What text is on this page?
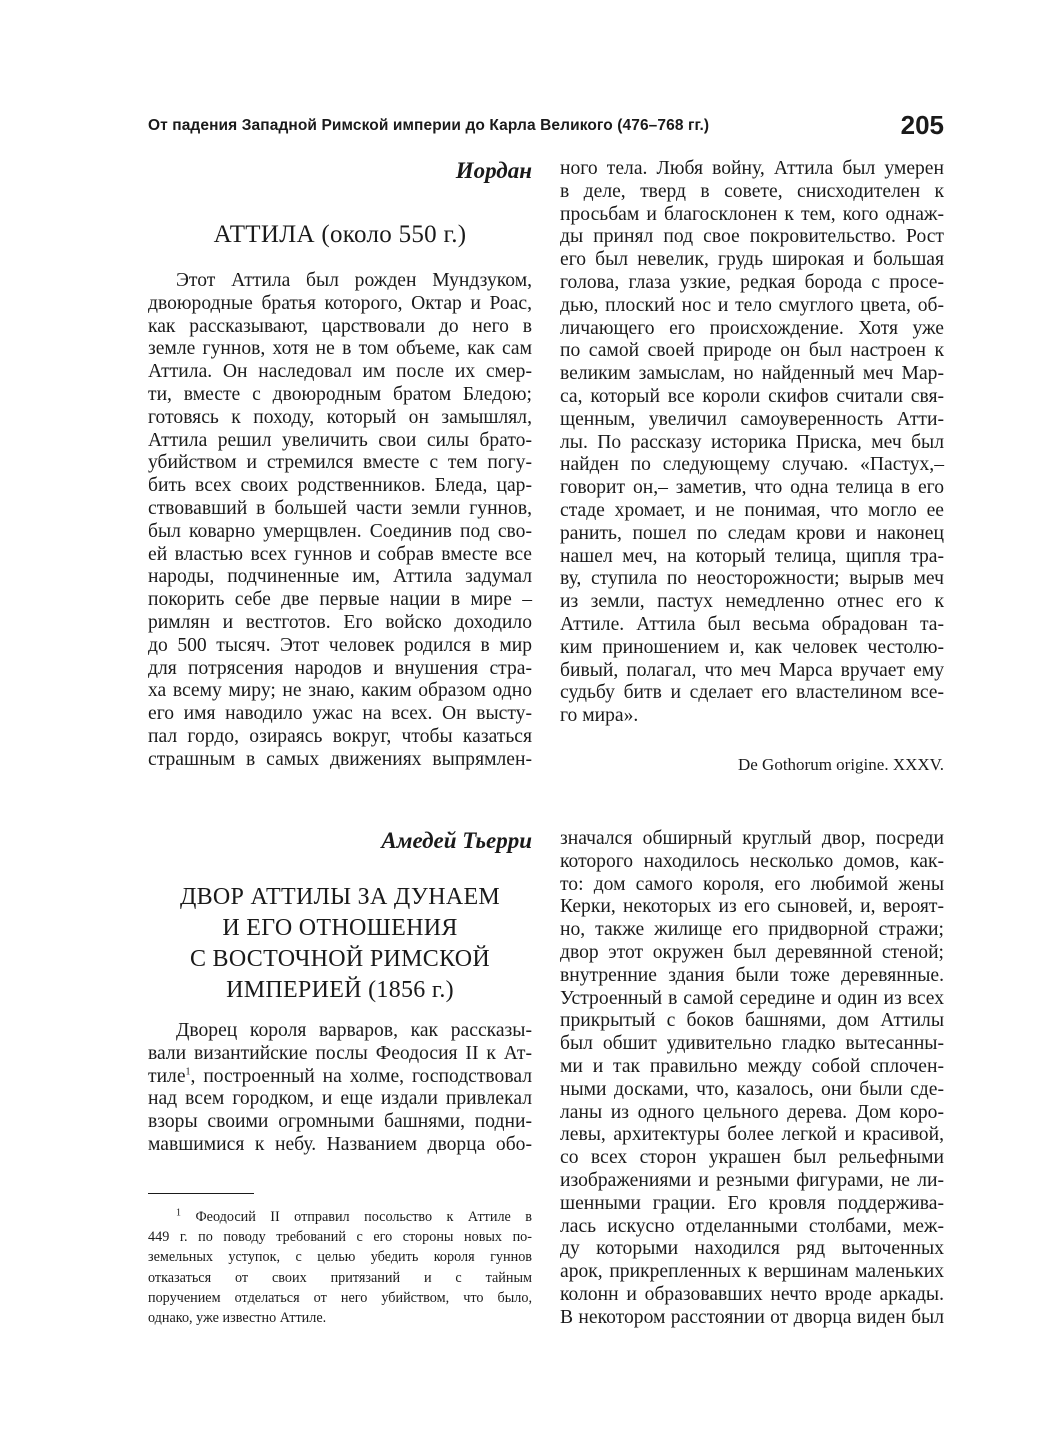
От падения Западной Римской империи до Карла Великого (476–768 гг.)	205
Иордан
АТТИЛА (около 550 г.)

Этот Аттила был рожден Мундзуком,
двоюродные братья которого, Октар и Роас,
как рассказывают, царствовали до него в
земле гуннов, хотя не в том объеме, как сам
Аттила. Он наследовал им после их смер-
ти, вместе с двоюродным братом Бледою;
готовясь к походу, который он замышлял,
Аттила решил увеличить свои силы брато-
убийством и стремился вместе с тем погу-
бить всех своих родственников. Бледа, цар-
ствовавший в большей части земли гуннов,
был коварно умерщвлен. Соединив под сво-
ей властью всех гуннов и собрав вместе все
народы, подчиненные им, Аттила задумал
покорить себе две первые нации в мире –
римлян и вестготов. Его войско доходило
до 500 тысяч. Этот человек родился в мир
для потрясения народов и внушения стра-
ха всему миру; не знаю, каким образом одно
его имя наводило ужас на всех. Он высту-
пал гордо, озираясь вокруг, чтобы казаться
страшным в самых движениях выпрямлен-

ного тела. Любя войну, Аттила был умерен
в деле, тверд в совете, снисходителен к
просьбам и благосклонен к тем, кого однаж-
ды принял под свое покровительство. Рост
его был невелик, грудь широкая и большая
голова, глаза узкие, редкая борода с просе-
дью, плоский нос и тело смуглого цвета, об-
личающего его происхождение. Хотя уже
по самой своей природе он был настроен к
великим замыслам, но найденный меч Мар-
са, который все короли скифов считали свя-
щенным, увеличил самоуверенность Атти-
лы. По рассказу историка Приска, меч был
найден по следующему случаю. «Пастух,–
говорит он,– заметив, что одна телица в его
стаде хромает, и не понимая, что могло ее
ранить, пошел по следам крови и наконец
нашел меч, на который телица, щипля тра-
ву, ступила по неосторожности; вырыв меч
из земли, пастух немедленно отнес его к
Аттиле. Аттила был весьма обрадован та-
ким приношением и, как человек честолю-
бивый, полагал, что меч Марса вручает ему
судьбу битв и сделает его властелином все-
го мира».

De Gothorum origine. XXXV.
Амедей Тьерри
ДВОР АТТИЛЫ ЗА ДУНАЕМ
И ЕГО ОТНОШЕНИЯ
С ВОСТОЧНОЙ РИМСКОЙ
ИМПЕРИЕЙ (1856 г.)

Дворец короля варваров, как рассказы-
вали византийские послы Феодосия II к Ат-
тиле$^1$, построенный на холме, господствовал
над всем городком, и еще издали привлекал
взоры своими огромными башнями, подни-
мавшимися к небу. Названием дворца обо-

значался обширный круглый двор, посреди
которого находилось несколько домов, как-
то: дом самого короля, его любимой жены
Керки, некоторых из его сыновей, и, вероят-
но, также жилище его придворной стражи;
двор этот окружен был деревянной стеной;
внутренние здания были тоже деревянные.
Устроенный в самой середине и один из всех
прикрытый с боков башнями, дом Аттилы
был обшит удивительно гладко вытесанны-
ми и так правильно между собой сплочен-
ными досками, что, казалось, они были сде-
ланы из одного цельного дерева. Дом коро-
левы, архитектуры более легкой и красивой,
со всех сторон украшен был рельефными
изображениями и резными фигурами, не ли-
шенными грации. Его кровля поддержива-
лась искусно отделанными столбами, меж-
ду которыми находился ряд выточенных
арок, прикрепленных к вершинам маленьких
колонн и образовавших нечто вроде аркады.
В некотором расстоянии от дворца виден был

$^1$ Феодосий II отправил посольство к Аттиле в
449 г. по поводу требований с его стороны новых по-
земельных уступок, с целью убедить короля гуннов
отказаться от своих притязаний и с тайным
поручением отделаться от него убийством, что было,
однако, уже известно Аттиле.
